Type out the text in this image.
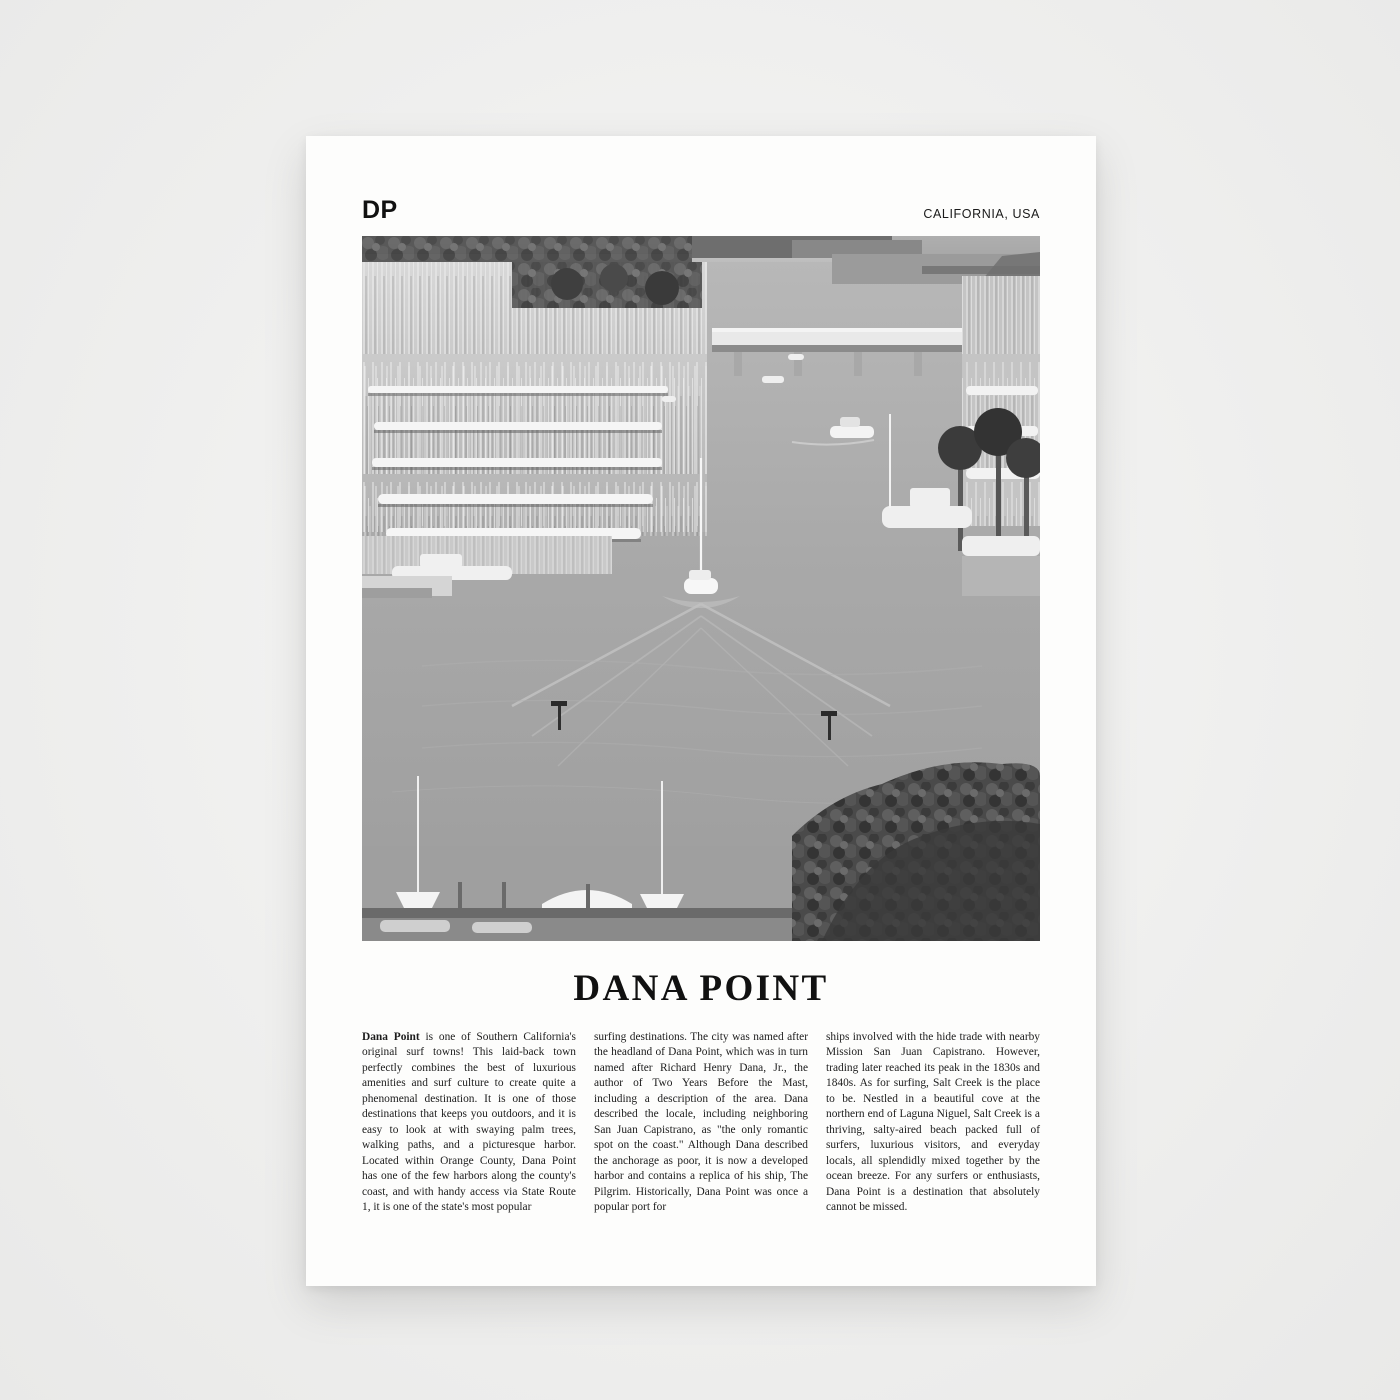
DP	CALIFORNIA, USA
DANA POINT
Dana Point is one of Southern California's original surf towns! This laid-back town perfectly combines the best of luxurious amenities and surf culture to create quite a phenomenal destination. It is one of those destinations that keeps you outdoors, and it is easy to look at with swaying palm trees, walking paths, and a picturesque harbor. Located within Orange County, Dana Point has one of the few harbors along the county's coast, and with handy access via State Route 1, it is one of the state's most popular
surfing destinations. The city was named after the headland of Dana Point, which was in turn named after Richard Henry Dana, Jr., the author of Two Years Before the Mast, including a description of the area. Dana described the locale, including neighboring San Juan Capistrano, as "the only romantic spot on the coast." Although Dana described the anchorage as poor, it is now a developed harbor and contains a replica of his ship, The Pilgrim. Historically, Dana Point was once a popular port for
ships involved with the hide trade with nearby Mission San Juan Capistrano. However, trading later reached its peak in the 1830s and 1840s. As for surfing, Salt Creek is the place to be. Nestled in a beautiful cove at the northern end of Laguna Niguel, Salt Creek is a thriving, salty-aired beach packed full of surfers, luxurious visitors, and everyday locals, all splendidly mixed together by the ocean breeze. For any surfers or enthusiasts, Dana Point is a destination that absolutely cannot be missed.
